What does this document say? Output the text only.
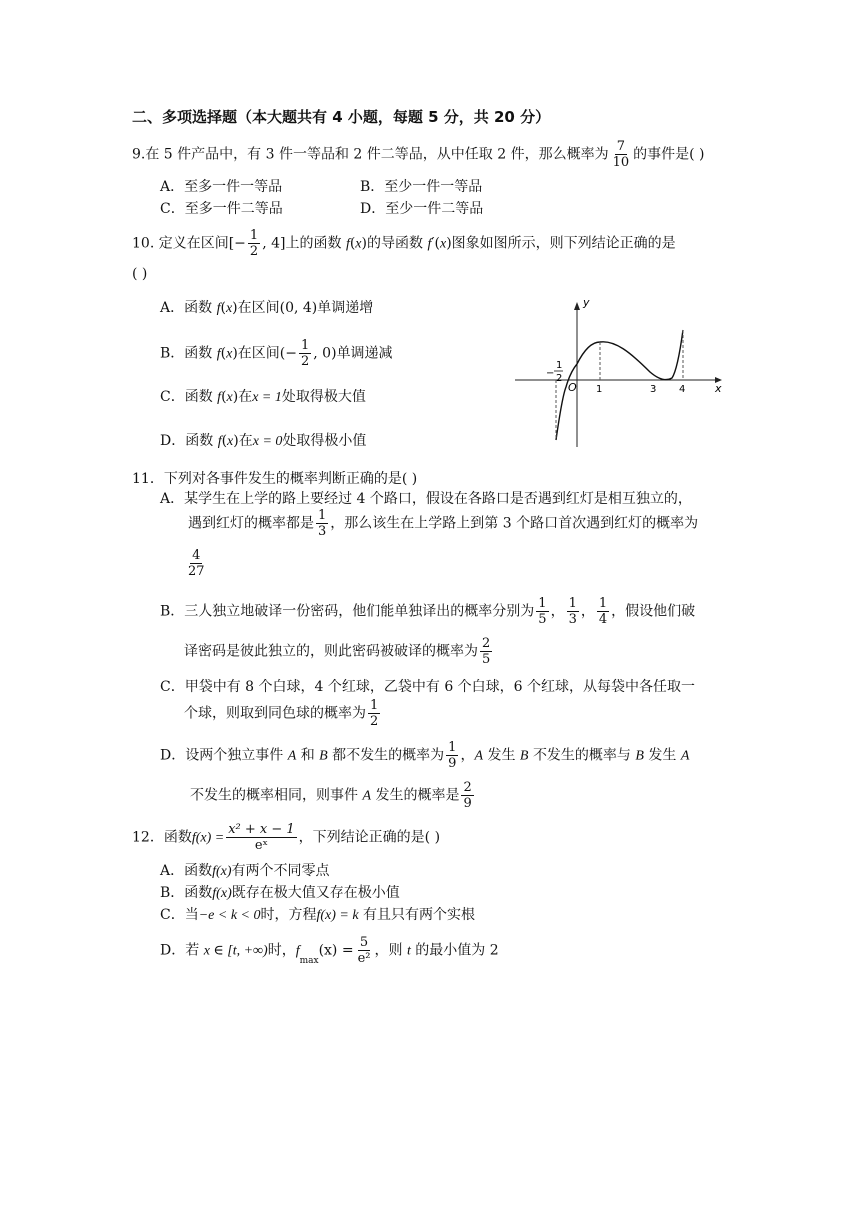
二、多项选择题（本大题共有 4 小题，每题 5 分，共 20 分）
9.在 5 件产品中，有 3 件一等品和 2 件二等品，从中任取 2 件，那么概率为 $\frac{7}{10}$ 的事件是( )
A．至多一件一等品	B．至少一件一等品
C．至多一件二等品	D．至少一件二等品
10. 定义在区间[− $\frac{1}{2}$ , 4]上的函数 f(x)的导函数 f′(x)图象如图所示，则下列结论正确的是
( )
A．函数 f(x)在区间(0, 4)单调递增
B．函数 f(x)在区间(− $\frac{1}{2}$ , 0)单调递减
C．函数 f(x)在x = 1处取得极大值
D．函数 f(x)在x = 0处取得极小值
y
x
O 1	3 4
−
1
2
11．下列对各事件发生的概率判断正确的是( )
A．某学生在上学的路上要经过 4 个路口，假设在各路口是否遇到红灯是相互独立的，
遇到红灯的概率都是 $\frac{1}{3}$ ，那么该生在上学路上到第 3 个路口首次遇到红灯的概率为
$\frac{4}{27}$
B．三人独立地破译一份密码，他们能单独译出的概率分别为 $\frac{1}{5}$ ， $\frac{1}{3}$ ， $\frac{1}{4}$ ，假设他们破
译密码是彼此独立的，则此密码被破译的概率为 $\frac{2}{5}$
C．甲袋中有 8 个白球，4 个红球，乙袋中有 6 个白球，6 个红球，从每袋中各任取一
个球，则取到同色球的概率为 $\frac{1}{2}$
D．设两个独立事件 A 和 B 都不发生的概率为 $\frac{1}{9}$ ，A 发生 B 不发生的概率与 B 发生 A
不发生的概率相同，则事件 A 发生的概率是 $\frac{2}{9}$
12．函数$f(x) = \frac{\text{x² + x − 1}}{\text{eˣ}}$ ，下列结论正确的是( )
A．函数f(x)有两个不同零点
B．函数f(x)既存在极大值又存在极小值
C．当−e < k < 0时，方程f(x) = k 有且只有两个实根
D．若 x ∈ [t, +∞)时，$fmax(x) = \frac{5}{\text{e²}}$ ，则 t 的最小值为 2
